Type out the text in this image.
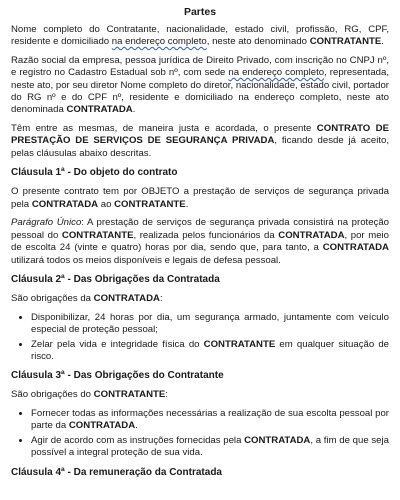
Partes

Nome completo do Contratante, nacionalidade, estado civil, profissão, RG, CPF, residente e domiciliado na endereço completo, neste ato denominado CONTRATANTE.

Razão social da empresa, pessoa jurídica de Direito Privado, com inscrição no CNPJ nº, e registro no Cadastro Estadual sob nº, com sede na endereço completo, representada, neste ato, por seu diretor Nome completo do diretor, nacionalidade, estado civil, portador do RG nº e do CPF nº, residente e domiciliado na endereço completo, neste ato denominada CONTRATADA.

Têm entre as mesmas, de maneira justa e acordada, o presente CONTRATO DE PRESTAÇÃO DE SERVIÇOS DE SEGURANÇA PRIVADA, ficando desde já aceito, pelas cláusulas abaixo descritas.

Cláusula 1ª - Do objeto do contrato

O presente contrato tem por OBJETO a prestação de serviços de segurança privada pela CONTRATADA ao CONTRATANTE.

Parágrafo Único: A prestação de serviços de segurança privada consistirá na proteção pessoal do CONTRATANTE, realizada pelos funcionários da CONTRATADA, por meio de escolta 24 (vinte e quatro) horas por dia, sendo que, para tanto, a CONTRATADA utilizará todos os meios disponíveis e legais de defesa pessoal.

Cláusula 2ª - Das Obrigações da Contratada

São obrigações da CONTRATADA:

• Disponibilizar, 24 horas por dia, um segurança armado, juntamente com veículo especial de proteção pessoal;
• Zelar pela vida e integridade física do CONTRATANTE em qualquer situação de risco.
Cláusula 3ª - Das Obrigações do Contratante

São obrigações do CONTRATANTE:

• Fornecer todas as informações necessárias a realização de sua escolta pessoal por parte da CONTRATADA.
• Agir de acordo com as instruções fornecidas pela CONTRATADA, a fim de que seja possível a integral proteção de sua vida.
Cláusula 4ª - Da remuneração da Contratada
